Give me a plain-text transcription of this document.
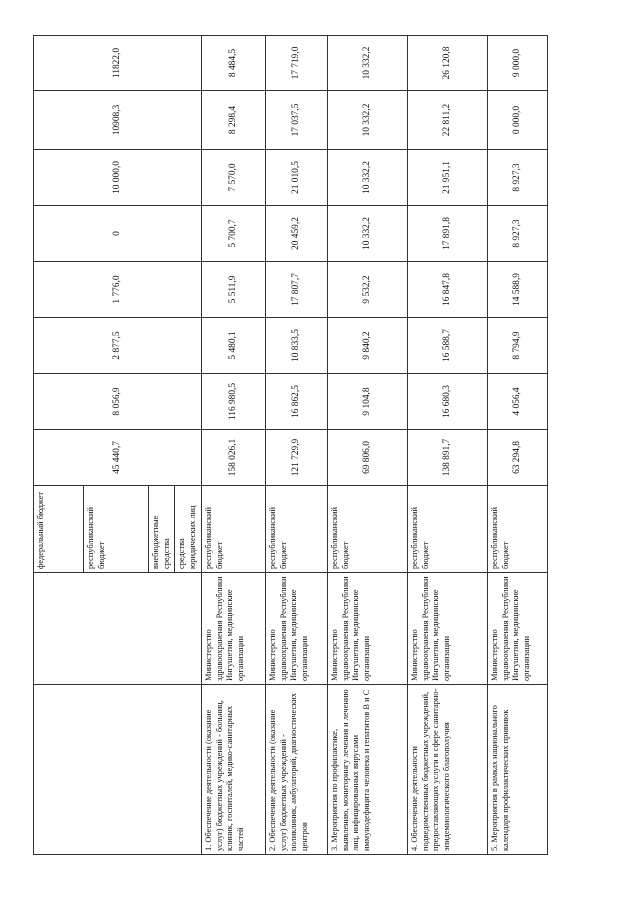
		федеральный бюджет	45 440,7	8 056,9	2 877,5	1 776,0	0	10 000,0	10908,3	11822,0
		республиканский бюджет								
		внебюджетные средства								
		средства юридических лиц								
1. Обеспечение деятельности (оказание услуг) бюджетных учреждений - больниц, клиник, госпиталей, медико-санитарных частей	Министерство здравоохранения Республики Ингушетия, медицинские организации	республиканский бюджет	158 026,1	116 980,5	5 480,1	5 511,9	5 700,7	7 570,0	8 298,4	8 484,5
2. Обеспечение деятельности (оказание услуг) бюджетных учреждений - поликлиник, амбулаторий, диагностических центров	Министерство здравоохранения Республики Ингушетия, медицинские организации	республиканский бюджет	121 729,9	16 862,5	10 833,5	17 807,7	20 459,2	21 010,5	17 037,5	17 719,0
3. Мероприятия по профилактике, выявлению, мониторингу лечения и лечению лиц, инфицированных вирусами иммунодефицита человека и гепатитов В и С	Министерство здравоохранения Республики Ингушетия, медицинские организации	республиканский бюджет	69 806,0	9 104,8	9 840,2	9 532,2	10 332,2	10 332,2	10 332,2	10 332,2
4. Обеспечение деятельности подведомственных бюджетных учреждений, предоставляющих услуги в сфере санитарно-эпидемиологического благополучия	Министерство здравоохранения Республики Ингушетия, медицинские организации	республиканский бюджет	138 891,7	16 680,3	16 588,7	16 847,8	17 891,8	21 951,1	22 811,2	26 120,8
5. Мероприятия в рамках национального календаря профилактических прививок	Министерство здравоохранения Республики Ингушетия, медицинские организации	республиканский бюджет	63 294,8	4 056,4	8 794,9	14 588,9	8 927,3	8 927,3	0 000,0	9 000,0
